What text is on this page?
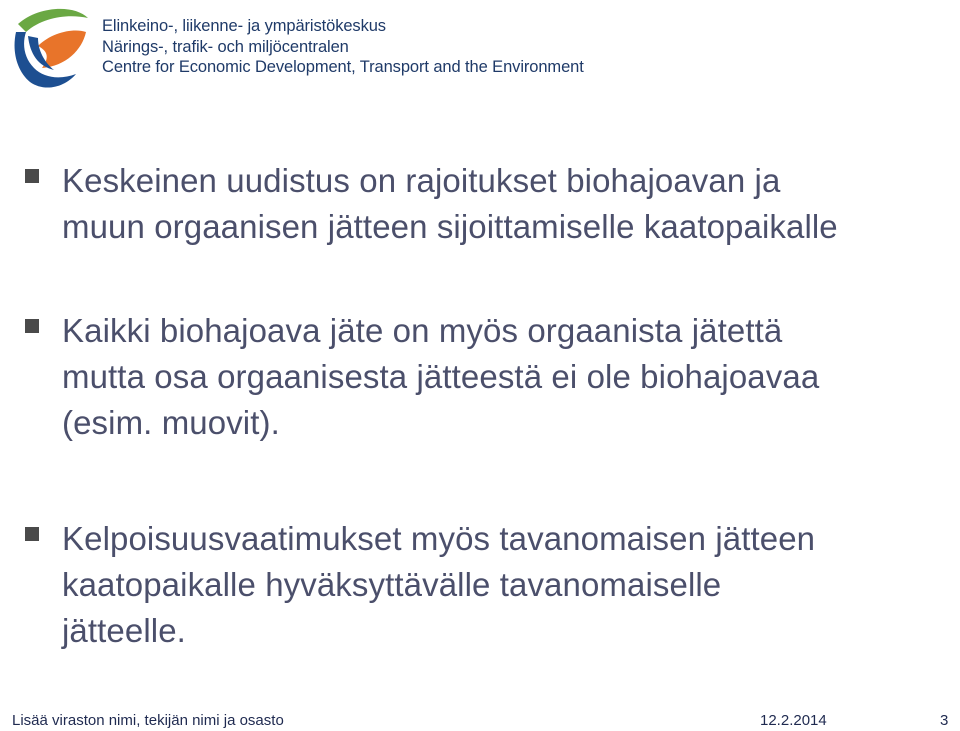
Elinkeino-, liikenne- ja ympäristökeskus
Närings-, trafik- och miljöcentralen
Centre for Economic Development, Transport and the Environment
Keskeinen uudistus on rajoitukset biohajoavan ja
muun orgaanisen jätteen sijoittamiselle kaatopaikalle
Kaikki biohajoava jäte on myös orgaanista jätettä
mutta osa orgaanisesta jätteestä ei ole biohajoavaa
(esim. muovit).
Kelpoisuusvaatimukset myös tavanomaisen jätteen
kaatopaikalle hyväksyttävälle tavanomaiselle
jätteelle.
Lisää viraston nimi, tekijän nimi ja osasto	12.2.2014	3
